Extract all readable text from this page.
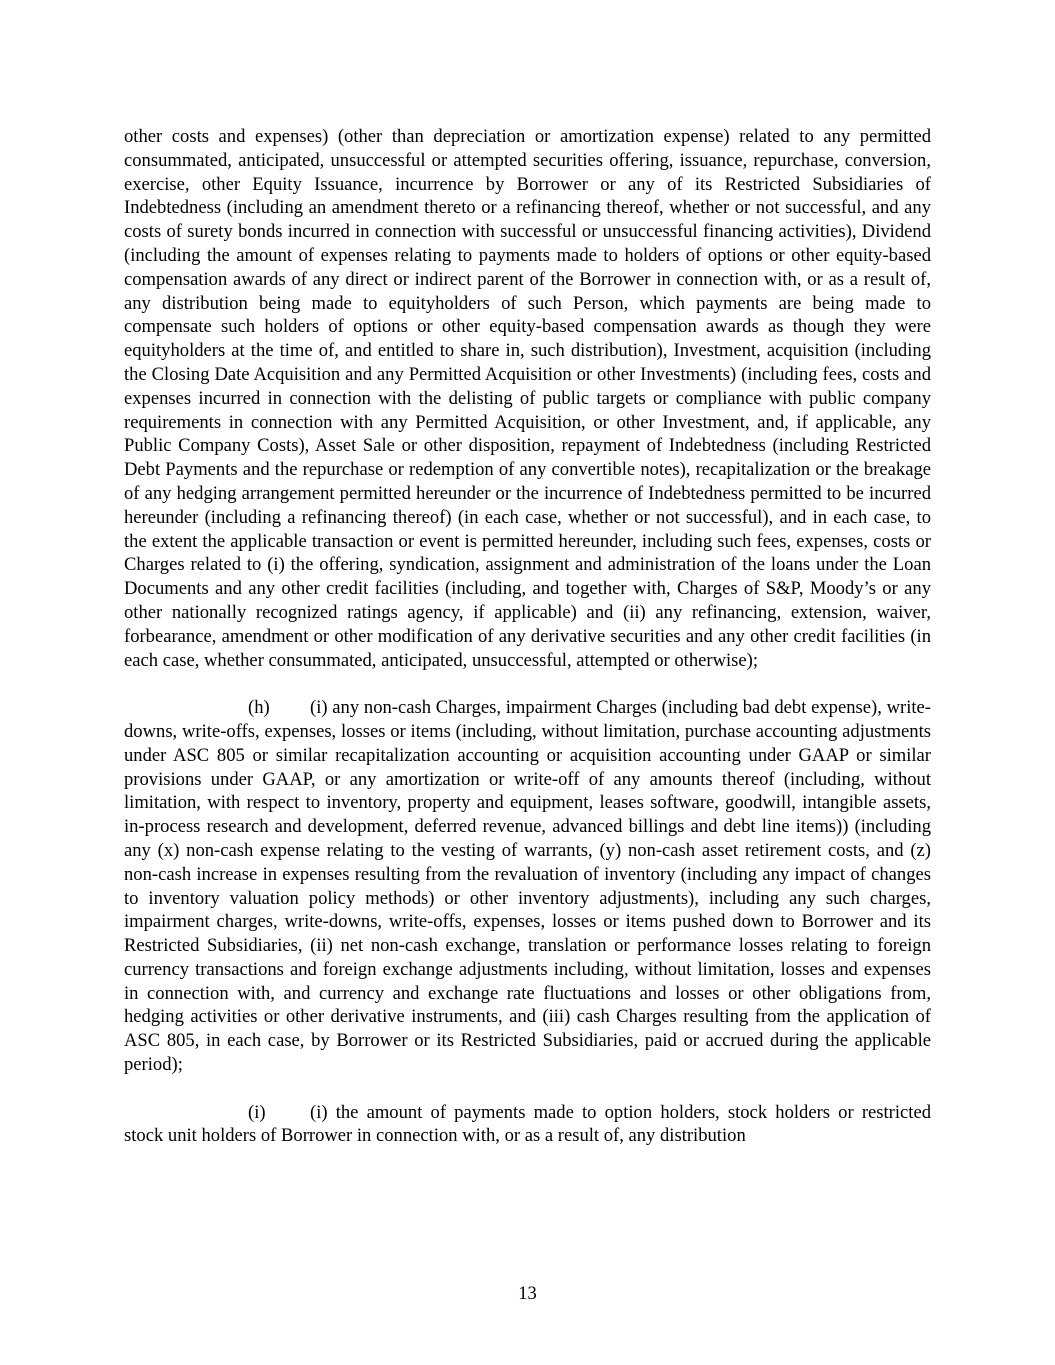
other costs and expenses) (other than depreciation or amortization expense) related to any permitted consummated, anticipated, unsuccessful or attempted securities offering, issuance, repurchase, conversion, exercise, other Equity Issuance, incurrence by Borrower or any of its Restricted Subsidiaries of Indebtedness (including an amendment thereto or a refinancing thereof, whether or not successful, and any costs of surety bonds incurred in connection with successful or unsuccessful financing activities), Dividend (including the amount of expenses relating to payments made to holders of options or other equity-based compensation awards of any direct or indirect parent of the Borrower in connection with, or as a result of, any distribution being made to equityholders of such Person, which payments are being made to compensate such holders of options or other equity-based compensation awards as though they were equityholders at the time of, and entitled to share in, such distribution), Investment, acquisition (including the Closing Date Acquisition and any Permitted Acquisition or other Investments) (including fees, costs and expenses incurred in connection with the delisting of public targets or compliance with public company requirements in connection with any Permitted Acquisition, or other Investment, and, if applicable, any Public Company Costs), Asset Sale or other disposition, repayment of Indebtedness (including Restricted Debt Payments and the repurchase or redemption of any convertible notes), recapitalization or the breakage of any hedging arrangement permitted hereunder or the incurrence of Indebtedness permitted to be incurred hereunder (including a refinancing thereof) (in each case, whether or not successful), and in each case, to the extent the applicable transaction or event is permitted hereunder, including such fees, expenses, costs or Charges related to (i) the offering, syndication, assignment and administration of the loans under the Loan Documents and any other credit facilities (including, and together with, Charges of S&P, Moody’s or any other nationally recognized ratings agency, if applicable) and (ii) any refinancing, extension, waiver, forbearance, amendment or other modification of any derivative securities and any other credit facilities (in each case, whether consummated, anticipated, unsuccessful, attempted or otherwise);

(h) (i) any non-cash Charges, impairment Charges (including bad debt expense), write-downs, write-offs, expenses, losses or items (including, without limitation, purchase accounting adjustments under ASC 805 or similar recapitalization accounting or acquisition accounting under GAAP or similar provisions under GAAP, or any amortization or write-off of any amounts thereof (including, without limitation, with respect to inventory, property and equipment, leases software, goodwill, intangible assets, in-process research and development, deferred revenue, advanced billings and debt line items)) (including any (x) non-cash expense relating to the vesting of warrants, (y) non-cash asset retirement costs, and (z) non-cash increase in expenses resulting from the revaluation of inventory (including any impact of changes to inventory valuation policy methods) or other inventory adjustments), including any such charges, impairment charges, write-downs, write-offs, expenses, losses or items pushed down to Borrower and its Restricted Subsidiaries, (ii) net non-cash exchange, translation or performance losses relating to foreign currency transactions and foreign exchange adjustments including, without limitation, losses and expenses in connection with, and currency and exchange rate fluctuations and losses or other obligations from, hedging activities or other derivative instruments, and (iii) cash Charges resulting from the application of ASC 805, in each case, by Borrower or its Restricted Subsidiaries, paid or accrued during the applicable period);

(i) (i) the amount of payments made to option holders, stock holders or restricted stock unit holders of Borrower in connection with, or as a result of, any distribution

13
